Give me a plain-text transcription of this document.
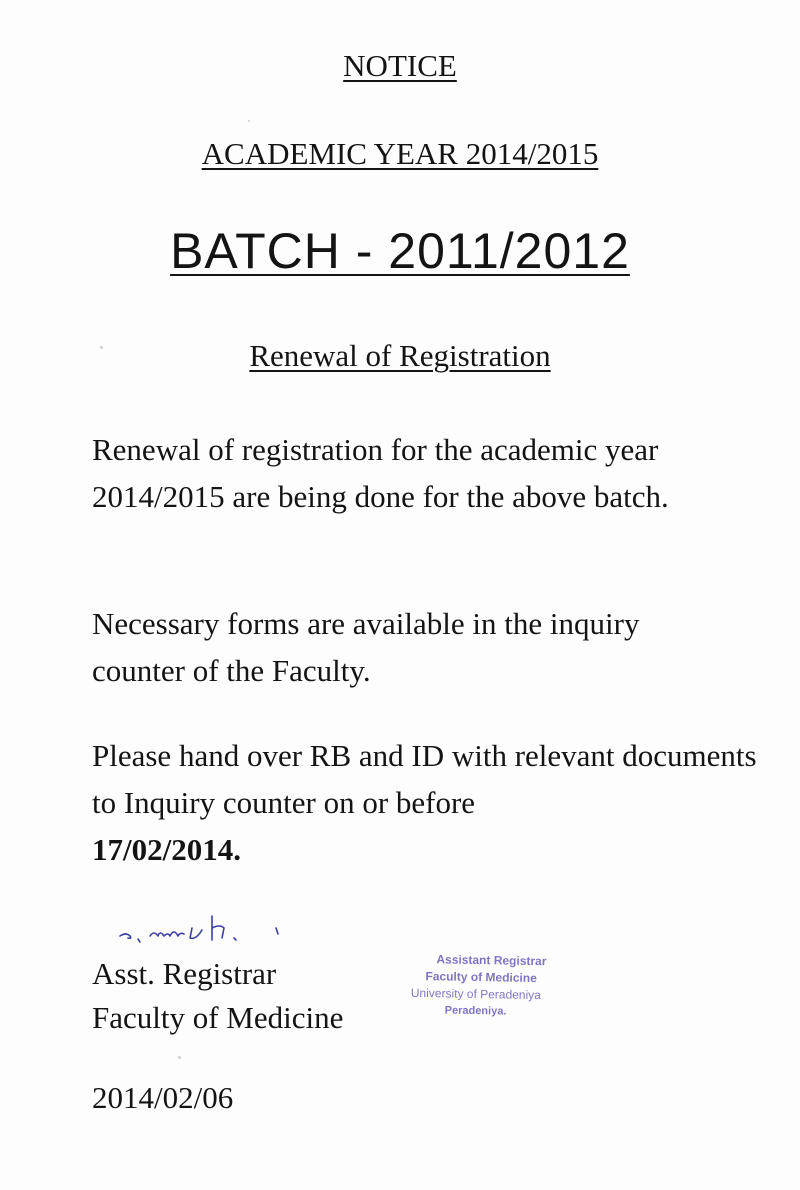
NOTICE
ACADEMIC YEAR 2014/2015
BATCH - 2011/2012
Renewal of Registration

Renewal of registration for the academic year 2014/2015 are being done for the above batch.

Necessary forms are available in the inquiry counter of the Faculty.

Please hand over RB and ID with relevant documents to Inquiry counter on or before
17/02/2014.

Asst. Registrar
Faculty of Medicine
Assistant Registrar
Faculty of Medicine
University of Peradeniya
Peradeniya.
2014/02/06
